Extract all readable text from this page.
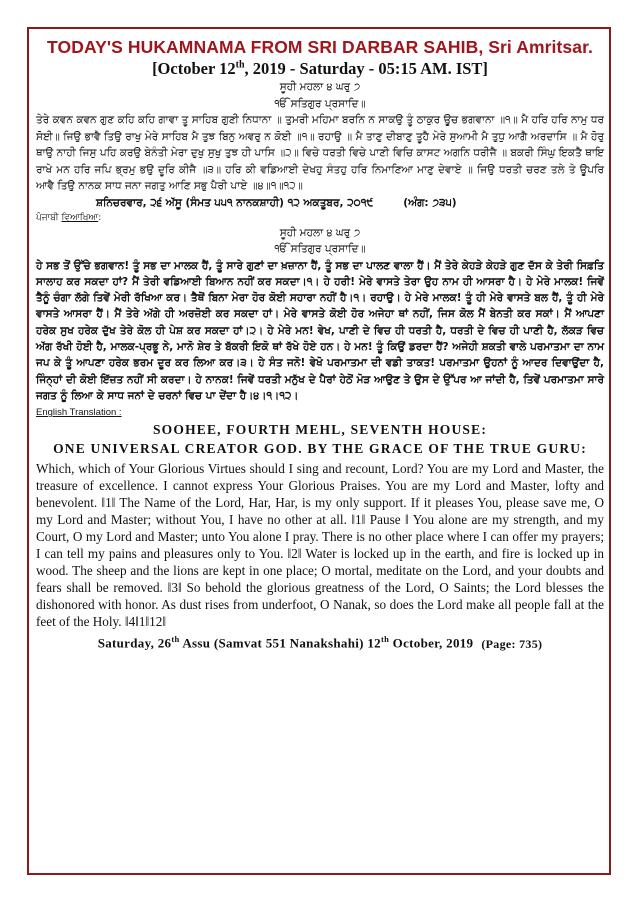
TODAY'S HUKAMNAMA FROM SRI DARBAR SAHIB, Sri Amritsar.
[October 12th, 2019 - Saturday - 05:15 AM. IST]
ਸੂਹੀ ਮਹਲਾ ੪ ਘਰੁ ੭
ੴ ਸਤਿਗੁਰ ਪ੍ਰਸਾਦਿ॥
ਤੇਰੇ ਕਵਨ ਕਵਨ ਗੁਣ ਕਹਿ ਕਹਿ ਗਾਵਾ ਤੂ ਸਾਹਿਬ ਗੁਣੀ ਨਿਧਾਨਾ ॥ ਤੁਮਰੀ ਮਹਿਮਾ ਬਰਨਿ ਨ ਸਾਕਉ ਤੂੰ ਠਾਕੁਰ ਊਚ ਭਗਵਾਨਾ ॥੧॥ ਮੈ ਹਰਿ ਹਰਿ ਨਾਮੁ ਧਰ ਸੋਈ॥ ਜਿਉ ਭਾਵੈ ਤਿਉ ਰਾਖੁ ਮੇਰੇ ਸਾਹਿਬ ਮੈ ਤੁਝ ਬਿਨੁ ਅਵਰੁ ਨ ਕੋਈ ॥੧॥ ਰਹਾਉ ॥ ਮੈ ਤਾਣੁ ਦੀਬਾਣੁ ਤੂਹੈ ਮੇਰੇ ਸੁਆਮੀ ਮੈ ਤੁਧੁ ਆਗੈ ਅਰਦਾਸਿ ॥ ਮੈ ਹੋਰੁ ਥਾਉ ਨਾਹੀ ਜਿਸੁ ਪਹਿ ਕਰਉ ਬੇਨੰਤੀ ਮੇਰਾ ਦੁਖੁ ਸੁਖੁ ਤੁਝ ਹੀ ਪਾਸਿ ॥੨॥ ਵਿਚੇ ਧਰਤੀ ਵਿਚੇ ਪਾਣੀ ਵਿਚਿ ਕਾਸਟ ਅਗਨਿ ਧਰੀਜੈ ॥ ਬਕਰੀ ਸਿੰਘੁ ਇਕਤੈ ਥਾਇ ਰਾਖੇ ਮਨ ਹਰਿ ਜਪਿ ਭ੍ਰਮੁ ਭਉ ਦੂਰਿ ਕੀਜੈ ॥੩॥ ਹਰਿ ਕੀ ਵਡਿਆਈ ਦੇਖਹੁ ਸੰਤਹੁ ਹਰਿ ਨਿਮਾਣਿਆ ਮਾਣੁ ਦੇਵਾਏ ॥ ਜਿਉ ਧਰਤੀ ਚਰਣ ਤਲੇ ਤੇ ਊਪਰਿ ਆਵੈ ਤਿਉ ਨਾਨਕ ਸਾਧ ਜਨਾ ਜਗਤੁ ਆਣਿ ਸਭੁ ਪੈਰੀ ਪਾਏ ॥੪॥੧॥੧੨॥
ਸ਼ਨਿਚਰਵਾਰ, ੨੬ ਅੱਸੂ (ਸੰਮਤ ੫੫੧ ਨਾਨਕਸ਼ਾਹੀ) ੧੨ ਅਕਤੂਬਰ, ੨੦੧੯	(ਅੰਗ: ੭੩੫)
ਪੰਜਾਬੀ ਵਿਆਖਿਆ:
ਸੂਹੀ ਮਹਲਾ ੪ ਘਰੁ ੭
ੴ ਸਤਿਗੁਰ ਪ੍ਰਸਾਦਿ॥
ਹੇ ਸਭ ਤੋਂ ਉੱਚੇ ਭਗਵਾਨ! ਤੂੰ ਸਭ ਦਾ ਮਾਲਕ ਹੈਂ, ਤੂੰ ਸਾਰੇ ਗੁਣਾਂ ਦਾ ਖ਼ਜ਼ਾਨਾ ਹੈਂ, ਤੂੰ ਸਭ ਦਾ ਪਾਲਣ ਵਾਲਾ ਹੈਂ। ਮੈਂ ਤੇਰੇ ਕੇਹੜੇ ਕੇਹੜੇ ਗੁਣ ਦੱਸ ਕੇ ਤੇਰੀ ਸਿਫ਼ਤਿ ਸਾਲਾਹ ਕਰ ਸਕਦਾ ਹਾਂ? ਮੈਂ ਤੇਰੀ ਵਡਿਆਈ ਬਿਆਨ ਨਹੀਂ ਕਰ ਸਕਦਾ।੧। ਹੇ ਹਰੀ! ਮੇਰੇ ਵਾਸਤੇ ਤੇਰਾ ਉਹ ਨਾਮ ਹੀ ਆਸਰਾ ਹੈ। ਹੇ ਮੇਰੇ ਮਾਲਕ! ਜਿਵੇਂ ਤੈਨੂੰ ਚੰਗਾ ਲੱਗੇ ਤਿਵੇਂ ਮੇਰੀ ਰੱਖਿਆ ਕਰ। ਤੈਥੋਂ ਬਿਨਾ ਮੇਰਾ ਹੋਰ ਕੋਈ ਸਹਾਰਾ ਨਹੀਂ ਹੈ।੧। ਰਹਾਉ। ਹੇ ਮੇਰੇ ਮਾਲਕ! ਤੂੰ ਹੀ ਮੇਰੇ ਵਾਸਤੇ ਬਲ ਹੈਂ, ਤੂੰ ਹੀ ਮੇਰੇ ਵਾਸਤੇ ਆਸਰਾ ਹੈਂ। ਮੈਂ ਤੇਰੇ ਅੱਗੇ ਹੀ ਅਰਜ਼ੋਈ ਕਰ ਸਕਦਾ ਹਾਂ। ਮੇਰੇ ਵਾਸਤੇ ਕੋਈ ਹੋਰ ਅਜੇਹਾ ਥਾਂ ਨਹੀਂ, ਜਿਸ ਕੋਲ ਮੈਂ ਬੇਨਤੀ ਕਰ ਸਕਾਂ। ਮੈਂ ਆਪਣਾ ਹਰੇਕ ਸੁਖ ਹਰੇਕ ਦੁੱਖ ਤੇਰੇ ਕੋਲ ਹੀ ਪੇਸ਼ ਕਰ ਸਕਦਾ ਹਾਂ।੨। ਹੇ ਮੇਰੇ ਮਨ! ਵੇਖ, ਪਾਣੀ ਦੇ ਵਿਚ ਹੀ ਧਰਤੀ ਹੈ, ਧਰਤੀ ਦੇ ਵਿਚ ਹੀ ਪਾਣੀ ਹੈ, ਲੱਕੜ ਵਿਚ ਅੱਗ ਰੱਖੀ ਹੋਈ ਹੈ, ਮਾਲਕ-ਪ੍ਰਭੂ ਨੇ, ਮਾਨੋ ਸ਼ੇਰ ਤੇ ਬੱਕਰੀ ਇਕੋ ਥਾਂ ਰੱਖੇ ਹੋਏ ਹਨ। ਹੇ ਮਨ! ਤੂੰ ਕਿਉਂ ਡਰਦਾ ਹੈਂ? ਅਜੇਹੀ ਸ਼ਕਤੀ ਵਾਲੇ ਪਰਮਾਤਮਾ ਦਾ ਨਾਮ ਜਪ ਕੇ ਤੂੰ ਆਪਣਾ ਹਰੇਕ ਭਰਮ ਦੂਰ ਕਰ ਲਿਆ ਕਰ।੩। ਹੇ ਸੰਤ ਜਨੋ! ਵੇਖੋ ਪਰਮਾਤਮਾ ਦੀ ਵਡੀ ਤਾਕਤ! ਪਰਮਾਤਮਾ ਉਹਨਾਂ ਨੂੰ ਆਦਰ ਦਿਵਾਉਂਦਾ ਹੈ, ਜਿੰਨ੍ਹਾਂ ਦੀ ਕੋਈ ਇੱਜ਼ਤ ਨਹੀਂ ਸੀ ਕਰਦਾ। ਹੇ ਨਾਨਕ! ਜਿਵੇਂ ਧਰਤੀ ਮਨੁੱਖ ਦੇ ਪੈਰਾਂ ਹੇਠੋਂ ਮੋੜ ਆਉਣ ਤੇ ਉਸ ਦੇ ਉੱਪਰ ਆ ਜਾਂਦੀ ਹੈ, ਤਿਵੇਂ ਪਰਮਾਤਮਾ ਸਾਰੇ ਜਗਤ ਨੂੰ ਲਿਆ ਕੇ ਸਾਧ ਜਨਾਂ ਦੇ ਚਰਨਾਂ ਵਿਚ ਪਾ ਦੇਂਦਾ ਹੈ।੪।੧।੧੨।
English Translation :
SOOHEE, FOURTH MEHL, SEVENTH HOUSE:
ONE UNIVERSAL CREATOR GOD. BY THE GRACE OF THE TRUE GURU:
Which, which of Your Glorious Virtues should I sing and recount, Lord? You are my Lord and Master, the treasure of excellence. I cannot express Your Glorious Praises. You are my Lord and Master, lofty and benevolent. ‖1‖ The Name of the Lord, Har, Har, is my only support. If it pleases You, please save me, O my Lord and Master; without You, I have no other at all. ‖1‖ Pause ‖ You alone are my strength, and my Court, O my Lord and Master; unto You alone I pray. There is no other place where I can offer my prayers; I can tell my pains and pleasures only to You. ‖2‖ Water is locked up in the earth, and fire is locked up in wood. The sheep and the lions are kept in one place; O mortal, meditate on the Lord, and your doubts and fears shall be removed. ‖3‖ So behold the glorious greatness of the Lord, O Saints; the Lord blesses the dishonored with honor. As dust rises from underfoot, O Nanak, so does the Lord make all people fall at the feet of the Holy. ‖4‖1‖12‖
Saturday, 26th Assu (Samvat 551 Nanakshahi) 12th October, 2019 (Page: 735)
